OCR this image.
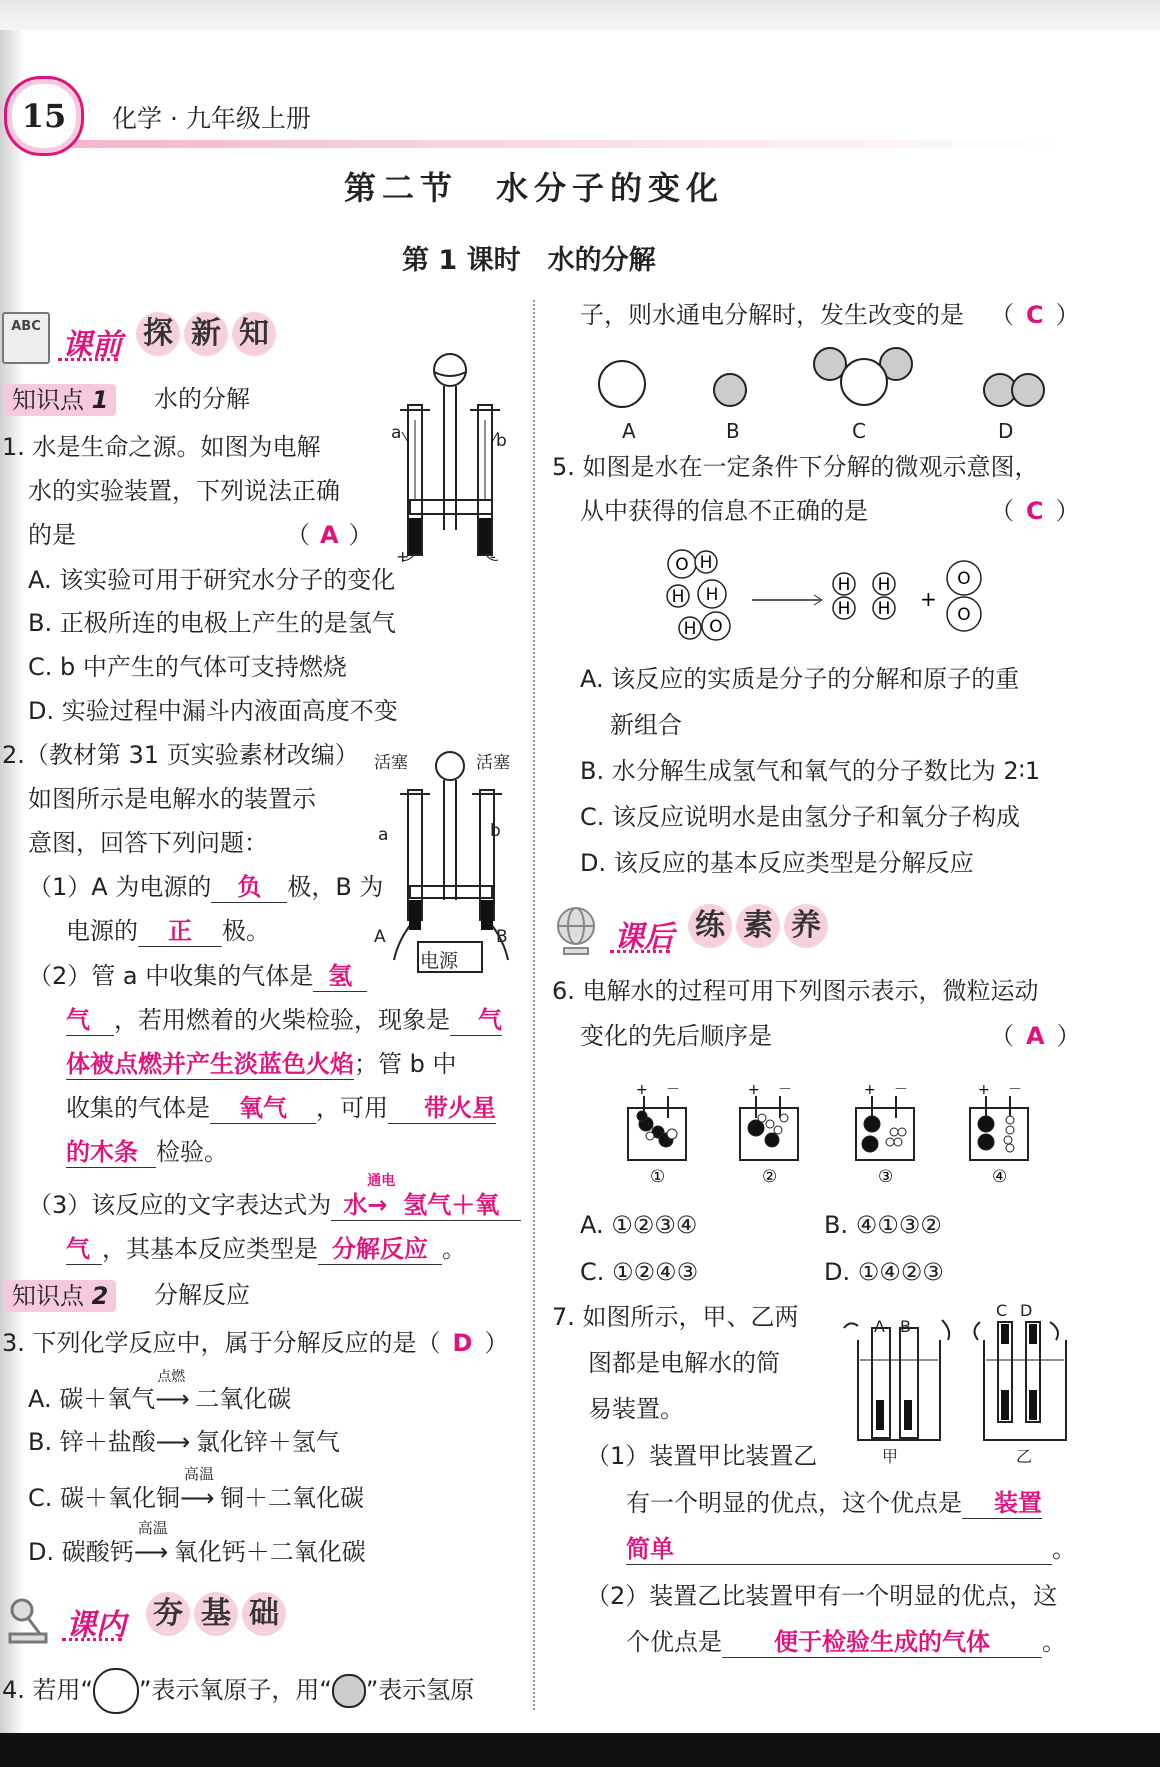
15	化学 · 九年级上册
第二节　水分子的变化
第 1 课时　水的分解
ABC
课前 探 新 知
知识点 1	水的分解
1. 水是生命之源。如图为电解
水的实验装置，下列说法正确
的是	（ A ）
A. 该实验可用于研究水分子的变化
B. 正极所连的电极上产生的是氢气
C. b 中产生的气体可支持燃烧
D. 实验过程中漏斗内液面高度不变
a	b
+	-
2.（教材第 31 页实验素材改编）
如图所示是电解水的装置示
意图，回答下列问题：
（1）A 为电源的 负 极，B 为
电源的 正 极。
（2）管 a 中收集的气体是 氢
气 ，若用燃着的火柴检验，现象是 气
体被点燃并产生淡蓝色火焰；管 b 中
收集的气体是 氧气 ，可用 带火星
的木条 检验。
（3）该反应的文字表达式为 水
通电
→ 氢气＋氧
气 ，其基本反应类型是 分解反应 。
活塞	活塞
a	b
A	B
电源
知识点 2	分解反应
3. 下列化学反应中，属于分解反应的是（ D ）
A. 碳＋氧气⟶
点燃
二氧化碳
B. 锌＋盐酸⟶ 氯化锌＋氢气
C. 碳＋氧化铜⟶
高温
铜＋二氧化碳
D. 碳酸钙⟶
高温
氧化钙＋二氧化碳
课内 夯 基 础
4. 若用“ ”表示氧原子，用“ ”表示氢原
子，则水通电分解时，发生改变的是 （ C ）
A	B	C	D
5. 如图是水在一定条件下分解的微观示意图，
从中获得的信息不正确的是	（ C ）
O H
H H
H O
H
H
H
H +
O
O
A. 该反应的实质是分子的分解和原子的重
新组合
B. 水分解生成氢气和氧气的分子数比为 2∶1
C. 该反应说明水是由氢分子和氧分子构成
D. 该反应的基本反应类型是分解反应
课后 练 素 养
6. 电解水的过程可用下列图示表示，微粒运动
变化的先后顺序是	（ A ）
+ －
①
+ －
②
+ －
③
+ －
④
A. ①②③④	B. ④①③②
C. ①②④③	D. ①④②③
7. 如图所示，甲、乙两
图都是电解水的简
易装置。
（1）装置甲比装置乙
有一个明显的优点，这个优点是 装置
简单	。
（2）装置乙比装置甲有一个明显的优点，这
个优点是 便于检验生成的气体 。
A B
C D
甲	乙
